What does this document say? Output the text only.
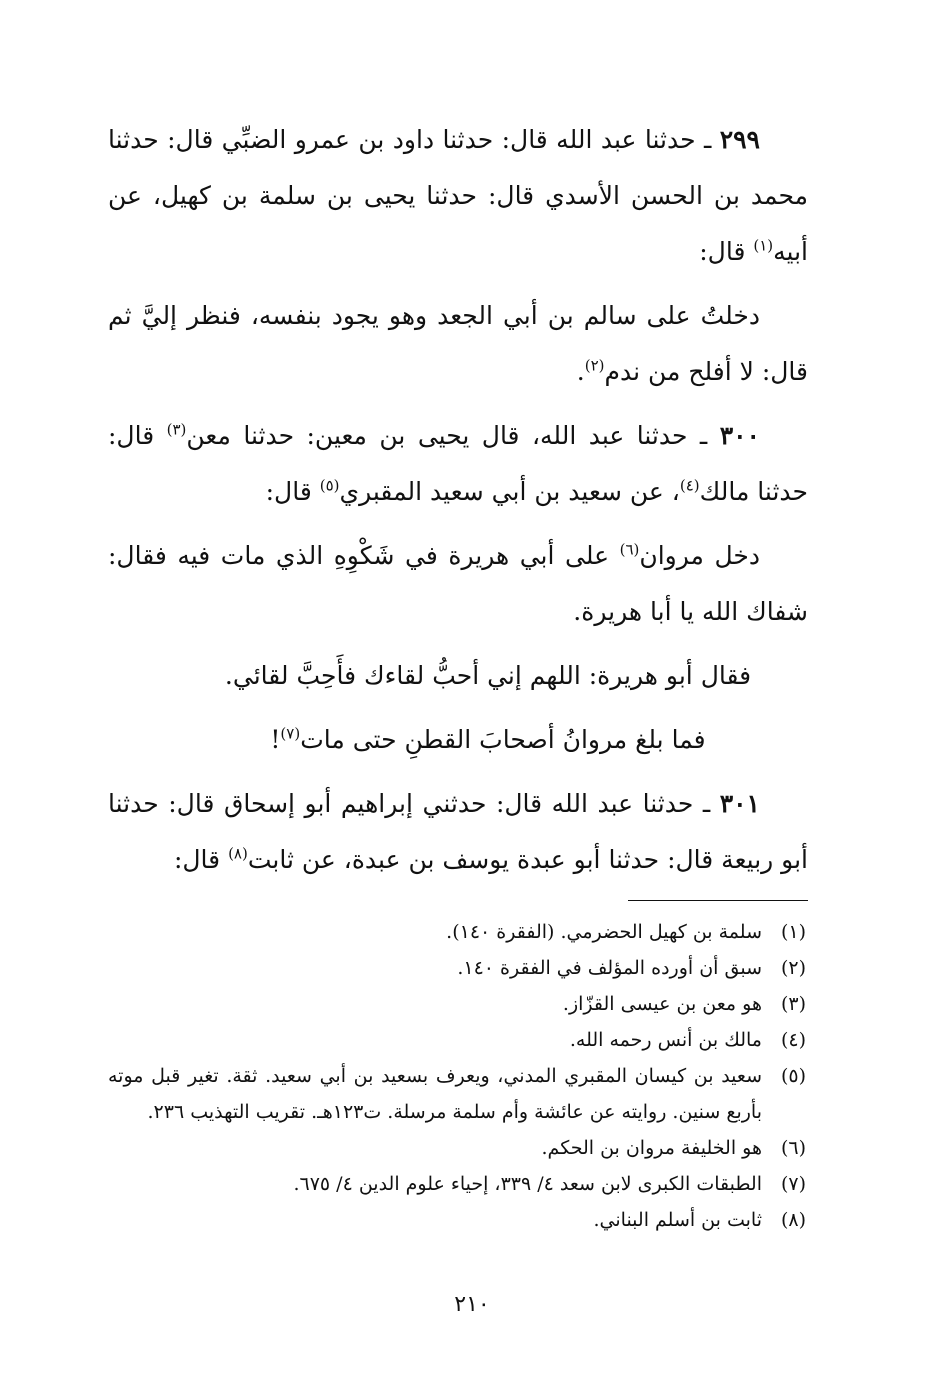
٢٩٩ ـ حدثنا عبد الله قال: حدثنا داود بن عمرو الضبِّي قال: حدثنا محمد بن الحسن الأسدي قال: حدثنا يحيى بن سلمة بن كهيل، عن أبيه$^{(١)}$ قال:

دخلتُ على سالم بن أبي الجعد وهو يجود بنفسه، فنظر إليَّ ثم قال: لا أفلح من ندم$^{(٢)}$.

٣٠٠ ـ حدثنا عبد الله، قال يحيى بن معين: حدثنا معن$^{(٣)}$ قال: حدثنا مالك$^{(٤)}$، عن سعيد بن أبي سعيد المقبري$^{(٥)}$ قال:

دخل مروان$^{(٦)}$ على أبي هريرة في شَكْوِهِ الذي مات فيه فقال: شفاك الله يا أبا هريرة.

فقال أبو هريرة: اللهم إني أحبُّ لقاءك فأَحِبَّ لقائي.

فما بلغ مروانُ أصحابَ القطنِ حتى مات$^{(٧)}$!

٣٠١ ـ حدثنا عبد الله قال: حدثني إبراهيم أبو إسحاق قال: حدثنا أبو ربيعة قال: حدثنا أبو عبدة يوسف بن عبدة، عن ثابت$^{(٨)}$ قال:

(١)
سلمة بن كهيل الحضرمي. (الفقرة ١٤٠).
(٢)
سبق أن أورده المؤلف في الفقرة ١٤٠.
(٣)
هو معن بن عيسى القزّاز.
(٤)
مالك بن أنس رحمه الله.
(٥)
سعيد بن كيسان المقبري المدني، ويعرف بسعيد بن أبي سعيد. ثقة. تغير قبل موته بأربع سنين. روايته عن عائشة وأم سلمة مرسلة. ت١٢٣هـ. تقريب التهذيب ٢٣٦.
(٦)
هو الخليفة مروان بن الحكم.
(٧)
الطبقات الكبرى لابن سعد ٤/ ٣٣٩، إحياء علوم الدين ٤/ ٦٧٥.
(٨)
ثابت بن أسلم البناني.
٢١٠
